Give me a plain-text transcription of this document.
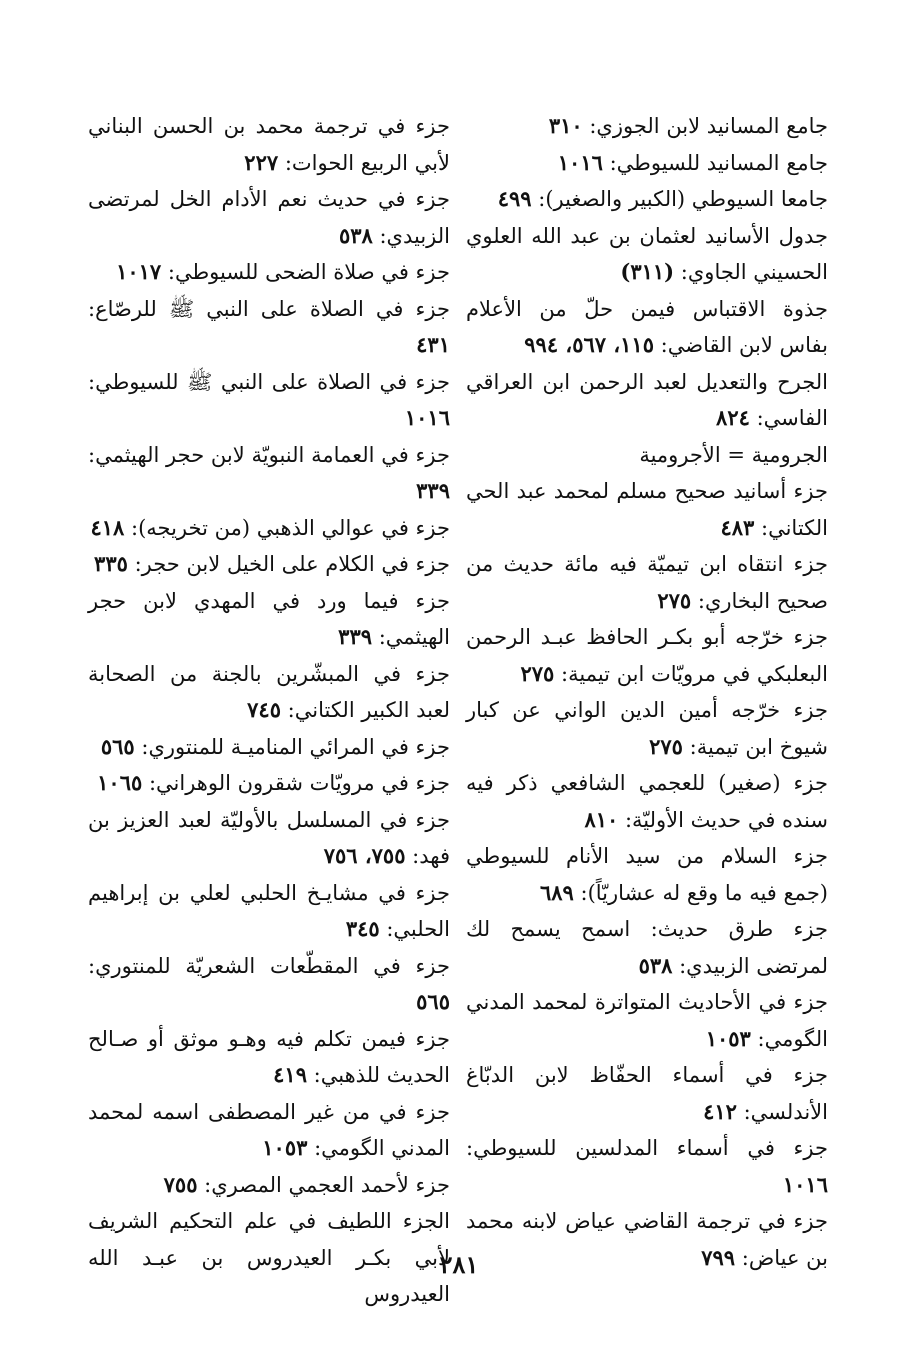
جامع المسانيد لابن الجوزي: ٣١٠

جامع المسانيد للسيوطي: ١٠١٦

جامعا السيوطي (الكبير والصغير): ٤٩٩

جدول الأسانيد لعثمان بن عبد الله العلوي الحسيني الجاوي: (٣١١)

جذوة الاقتباس فيمن حلّ من الأعلام بفاس لابن القاضي: ١١٥، ٥٦٧، ٩٩٤

الجرح والتعديل لعبد الرحمن ابن العراقي الفاسي: ٨٢٤

الجرومية = الأجرومية

جزء أسانيد صحيح مسلم لمحمد عبد الحي الكتاني: ٤٨٣

جزء انتقاه ابن تيميّة فيه مائة حديث من صحيح البخاري: ٢٧٥

جزء خرّجه أبو بكـر الحافظ عبـد الرحمن البعلبكي في مرويّات ابن تيمية: ٢٧٥

جزء خرّجه أمين الدين الواني عن كبار شيوخ ابن تيمية: ٢٧٥

جزء (صغير) للعجمي الشافعي ذكر فيه سنده في حديث الأوليّة: ٨١٠

جزء السلام من سيد الأنام للسيوطي (جمع فيه ما وقع له عشاريّاً): ٦٨٩

جزء طرق حديث: اسمح يسمح لك لمرتضى الزبيدي: ٥٣٨

جزء في الأحاديث المتواترة لمحمد المدني الگومي: ١٠٥٣

جزء في أسماء الحفّاظ لابن الدبّاغ الأندلسي: ٤١٢

جزء في أسماء المدلسين للسيوطي: ١٠١٦

جزء في ترجمة القاضي عياض لابنه محمد بن عياض: ٧٩٩

جزء في ترجمة محمد بن الحسن البناني لأبي الربيع الحوات: ٢٢٧

جزء في حديث نعم الأدام الخل لمرتضى الزبيدي: ٥٣٨

جزء في صلاة الضحى للسيوطي: ١٠١٧

جزء في الصلاة على النبي ﷺ للرصّاع: ٤٣١

جزء في الصلاة على النبي ﷺ للسيوطي: ١٠١٦

جزء في العمامة النبويّة لابن حجر الهيثمي: ٣٣٩

جزء في عوالي الذهبي (من تخريجه): ٤١٨

جزء في الكلام على الخيل لابن حجر: ٣٣٥

جزء فيما ورد في المهدي لابن حجر الهيثمي: ٣٣٩

جزء في المبشّرين بالجنة من الصحابة لعبد الكبير الكتاني: ٧٤٥

جزء في المرائي المناميـة للمنتوري: ٥٦٥

جزء في مرويّات شقرون الوهراني: ١٠٦٥

جزء في المسلسل بالأوليّة لعبد العزيز بن فهد: ٧٥٥، ٧٥٦

جزء في مشايـخ الحلبي لعلي بن إبراهيم الحلبي: ٣٤٥

جزء في المقطّعات الشعريّة للمنتوري: ٥٦٥

جزء فيمن تكلم فيه وهـو موثق أو صـالح الحديث للذهبي: ٤١٩

جزء في من غير المصطفى اسمه لمحمد المدني الگومي: ١٠٥٣

جزء لأحمد العجمي المصري: ٧٥٥

الجزء اللطيف في علم التحكيم الشريف لأبي بكـر العيدروس بن عبـد الله العيدروس

٢٨١
